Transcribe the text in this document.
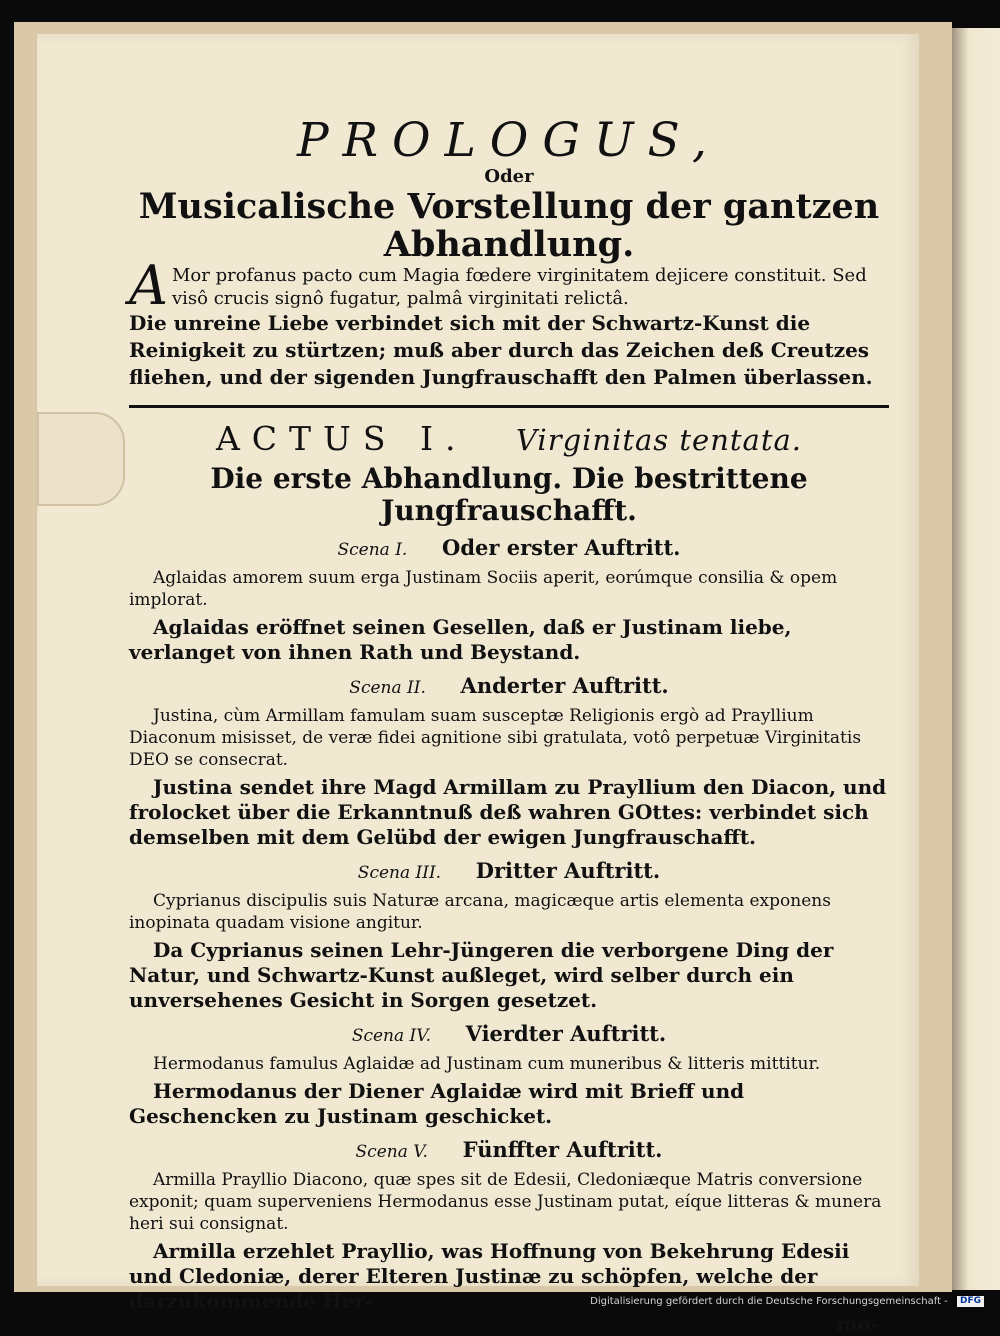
PROLOGUS,
Oder
Musicalische Vorstellung der gantzen Abhandlung.
A Mor profanus pacto cum Magia fœdere virginitatem dejicere constituit. Sed visô crucis signô fugatur, palmâ virginitati relictâ.
Die unreine Liebe verbindet sich mit der Schwartz-Kunst die Reinigkeit zu stürtzen; muß aber durch das Zeichen deß Creutzes fliehen, und der sigenden Jungfrauschafft den Palmen überlassen.
ACTUS I. Virginitas tentata.
Die erste Abhandlung. Die bestrittene Jungfrauschafft.
Scena I. Oder erster Auftritt.
Aglaidas amorem suum erga Justinam Sociis aperit, eorúmque consilia & opem implorat.
Aglaidas eröffnet seinen Gesellen, daß er Justinam liebe, verlanget von ihnen Rath und Beystand.
Scena II. Anderter Auftritt.
Justina, cùm Armillam famulam suam susceptæ Religionis ergò ad Prayllium Diaconum misisset, de veræ fidei agnitione sibi gratulata, votô perpetuæ Virginitatis DEO se consecrat.
Justina sendet ihre Magd Armillam zu Prayllium den Diacon, und frolocket über die Erkanntnuß deß wahren GOttes: verbindet sich demselben mit dem Gelübd der ewigen Jungfrauschafft.
Scena III. Dritter Auftritt.
Cyprianus discipulis suis Naturæ arcana, magicæque artis elementa exponens inopinata quadam visione angitur.
Da Cyprianus seinen Lehr-Jüngeren die verborgene Ding der Natur, und Schwartz-Kunst außleget, wird selber durch ein unversehenes Gesicht in Sorgen gesetzet.
Scena IV. Vierdter Auftritt.
Hermodanus famulus Aglaidæ ad Justinam cum muneribus & litteris mittitur.
Hermodanus der Diener Aglaidæ wird mit Brieff und Geschencken zu Justinam geschicket.
Scena V. Fünffter Auftritt.
Armilla Prayllio Diacono, quæ spes sit de Edesii, Cledoniæque Matris conversione exponit; quam superveniens Hermodanus esse Justinam putat, eíque litteras & munera heri sui consignat.
Armilla erzehlet Prayllio, was Hoffnung von Bekehrung Edesii und Cledoniæ, derer Elteren Justinæ zu schöpfen, welche der darzukommende Her-
mo-
Digitalisierung gefördert durch die Deutsche Forschungsgemeinschaft - DFG
